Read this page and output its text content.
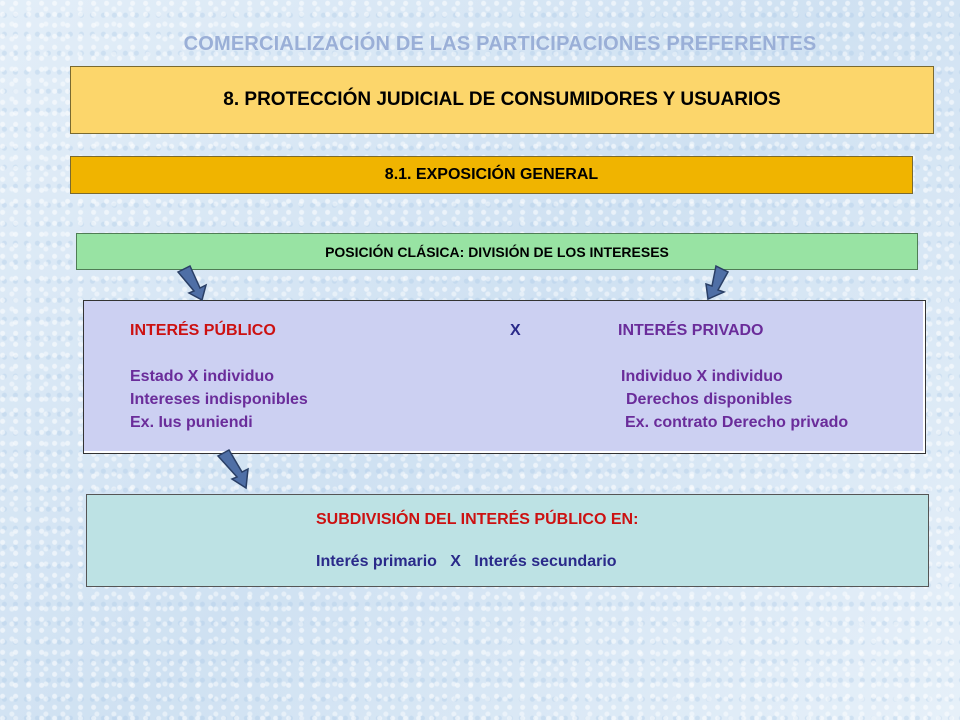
COMERCIALIZACIÓN DE LAS PARTICIPACIONES PREFERENTES
8. PROTECCIÓN JUDICIAL DE CONSUMIDORES Y USUARIOS
8.1. EXPOSICIÓN GENERAL
POSICIÓN CLÁSICA: DIVISIÓN DE LOS INTERESES
INTERÉS PÚBLICO	X	INTERÉS PRIVADO
Estado X individuo
Intereses indisponibles
Ex. Ius puniendi
Individuo X individuo
Derechos disponibles
Ex. contrato Derecho privado
SUBDIVISIÓN DEL INTERÉS PÚBLICO EN:
Interés primario   X   Interés secundario
